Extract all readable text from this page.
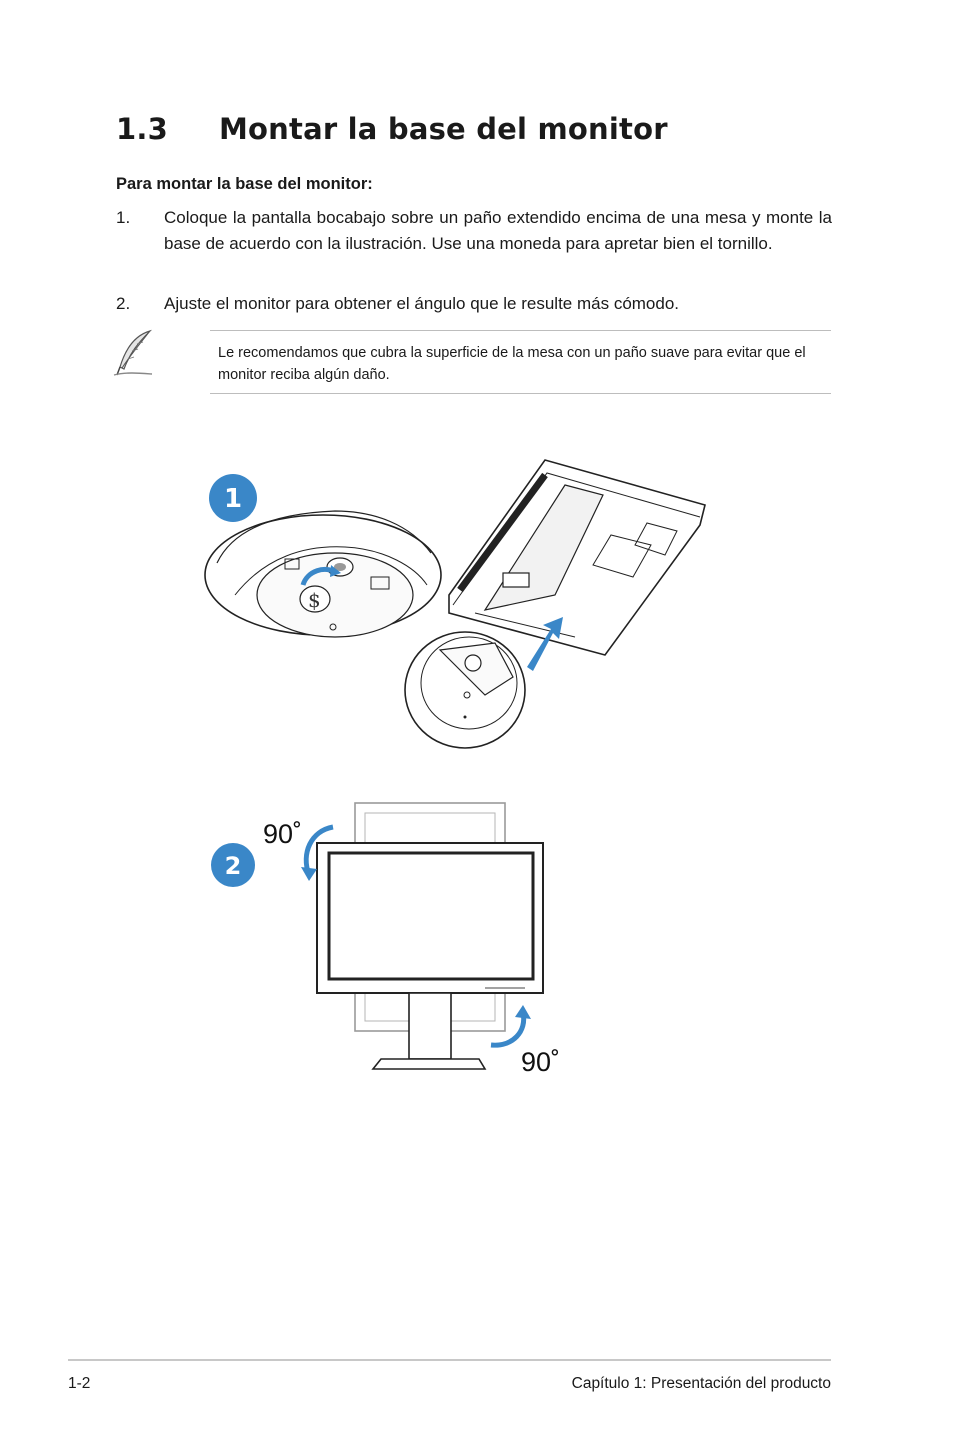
1.3 Montar la base del monitor
Para montar la base del monitor:
1. Coloque la pantalla bocabajo sobre un paño extendido encima de una mesa y monte la base de acuerdo con la ilustración. Use una moneda para apretar bien el tornillo.
2. Ajuste el monitor para obtener el ángulo que le resulte más cómodo.
Le recomendamos que cubra la superficie de la mesa con un paño suave para evitar que el monitor reciba algún daño.
$
1
90˚
90˚
2
1-2	Capítulo 1: Presentación del producto
